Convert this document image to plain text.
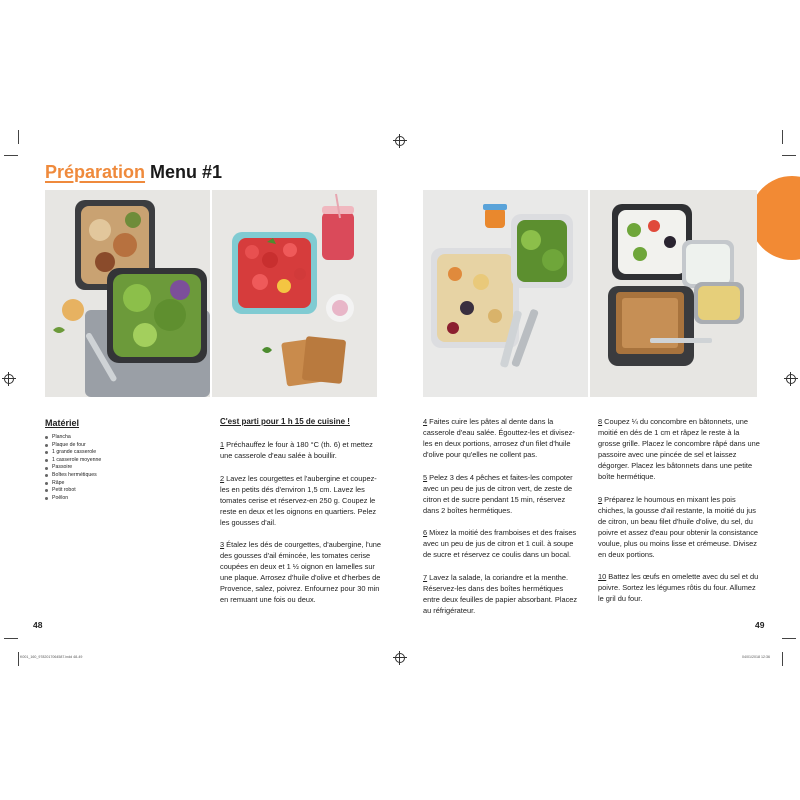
Préparation Menu #1
Matériel
Plancha
Plaque de four
1 grande casserole
1 casserole moyenne
Passoire
Boîtes hermétiques
Râpe
Petit robot
Poêlon

C'est parti pour 1 h 15 de cuisine !

1 Préchauffez le four à 180 °C (th. 6) et mettez une casserole d'eau salée à bouillir.

2 Lavez les courgettes et l'aubergine et coupez-les en petits dés d'environ 1,5 cm. Lavez les tomates cerise et réservez-en 250 g. Coupez le reste en deux et les oignons en quartiers. Pelez les gousses d'ail.

3 Étalez les dés de courgettes, d'aubergine, l'une des gousses d'ail émincée, les tomates cerise coupées en deux et 1 ½ oignon en lamelles sur une plaque. Arrosez d'huile d'olive et d'herbes de Provence, salez, poivrez. Enfournez pour 30 min en remuant une fois ou deux.

4 Faites cuire les pâtes al dente dans la casserole d'eau salée. Égouttez-les et divisez-les en deux portions, arrosez d'un filet d'huile d'olive pour qu'elles ne collent pas.

5 Pelez 3 des 4 pêches et faites-les compoter avec un peu de jus de citron vert, de zeste de citron et de sucre pendant 15 min, réservez dans 2 boîtes hermétiques.

6 Mixez la moitié des framboises et des fraises avec un peu de jus de citron et 1 cuil. à soupe de sucre et réservez ce coulis dans un bocal.

7 Lavez la salade, la coriandre et la menthe. Réservez-les dans des boîtes hermétiques entre deux feuilles de papier absorbant. Placez au réfrigérateur.

8 Coupez ¼ du concombre en bâtonnets, une moitié en dés de 1 cm et râpez le reste à la grosse grille. Placez le concombre râpé dans une passoire avec une pincée de sel et laissez dégorger. Placez les bâtonnets dans une petite boîte hermétique.

9 Préparez le houmous en mixant les pois chiches, la gousse d'ail restante, la moitié du jus de citron, un beau filet d'huile d'olive, du sel, du poivre et assez d'eau pour obtenir la consistance voulue, plus ou moins lisse et crémeuse. Divisez en deux portions.

10 Battez les œufs en omelette avec du sel et du poivre. Sortez les légumes rôtis du four. Allumez le gril du four.

48	49
K001_160_9782017064587.indd 48-49	04/01/2018 12:36
